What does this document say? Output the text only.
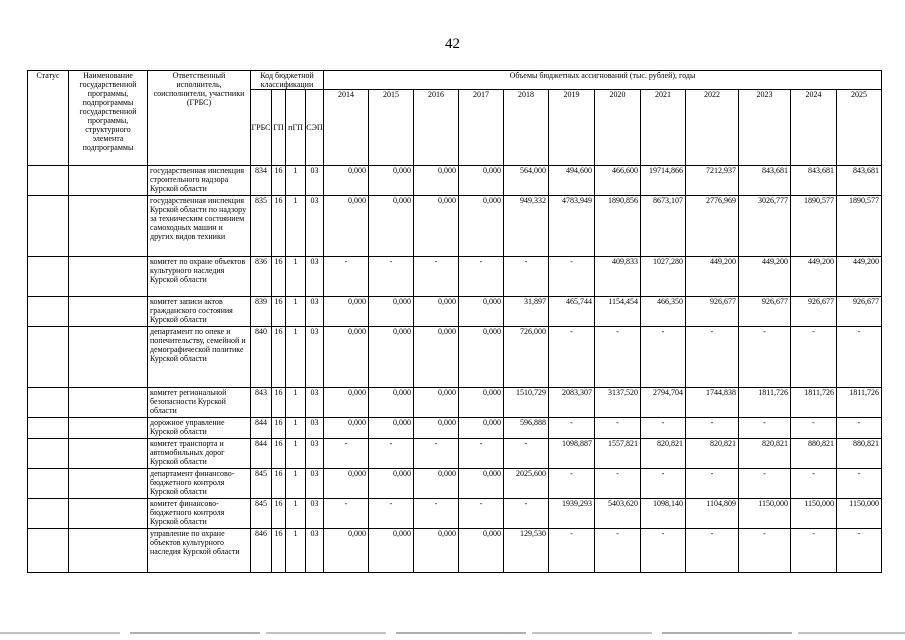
42
Статус	Наименование государственной программы, подпрограммы государственной программы, структурного элемента подпрограммы	Ответственный исполнитель, соисполнители, участники (ГРБС)	Код бюджетной классификации				Объемы бюджетных ассигнований (тыс. рублей), годы											
			ГРБС	ГП	пГП	СЭП	2014	2015	2016	2017	2018	2019	2020	2021	2022	2023	2024	2025

		государственная инспекция строительного надзора Курской области	834	16	1	03	0,000	0,000	0,000	0,000	564,000	494,600	466,600	19714,866	7212,937	843,681	843,681	843,681
		государственная инспекция Курской области по надзору за техническим состоянием самоходных машин и других видов техники	835	16	1	03	0,000	0,000	0,000	0,000	949,332	4783,949	1890,856	8673,107	2776,969	3026,777	1890,577	1890,577
		комитет по охране объектов культурного наследия Курской области	836	16	1	03	-	-	-	-	-	-	409,833	1027,280	449,200	449,200	449,200	449,200
		комитет записи актов гражданского состояния Курской области	839	16	1	03	0,000	0,000	0,000	0,000	31,897	465,744	1154,454	466,350	926,677	926,677	926,677	926,677
		департамент по опеке и попечительству, семейной и демографической политике Курской области	840	16	1	03	0,000	0,000	0,000	0,000	726,000	-	-	-	-	-	-	-
		комитет региональной безопасности Курской области	843	16	1	03	0,000	0,000	0,000	0,000	1510,729	2083,307	3137,520	2794,704	1744,838	1811,726	1811,726	1811,726
		дорожное управление Курской области	844	16	1	03	0,000	0,000	0,000	0,000	596,888	-	-	-	-	-	-	-
		комитет транспорта и автомобильных дорог Курской области	844	16	1	03	-	-	-	-	-	1098,887	1557,821	820,821	820,821	820,821	880,821	880,821
		департамент финансово-бюджетного контроля Курской области	845	16	1	03	0,000	0,000	0,000	0,000	2025,600	-	-	-	-	-	-	-
		комитет финансово-бюджетного контроля Курской области	845	16	1	03	-	-	-	-	-	1939,293	5403,620	1098,140	1104,809	1150,000	1150,000	1150,000
		управление по охране объектов культурного наследия Курской области	846	16	1	03	0,000	0,000	0,000	0,000	129,530	-	-	-	-	-	-	-
